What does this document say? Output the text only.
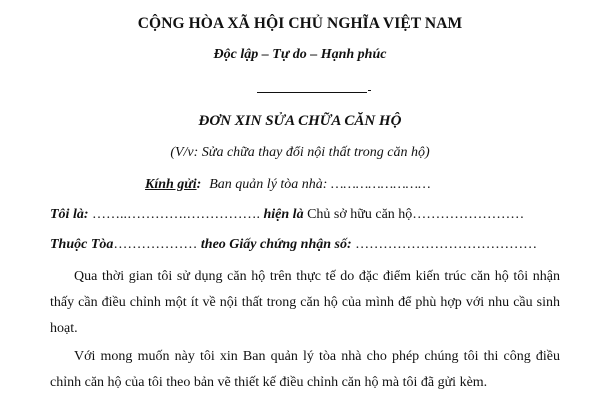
CỘNG HÒA XÃ HỘI CHỦ NGHĨA VIỆT NAM
Độc lập – Tự do – Hạnh phúc
ĐƠN XIN SỬA CHỮA CĂN HỘ
(V/v: Sửa chữa thay đổi nội thất trong căn hộ)
Kính gửi: Ban quản lý tòa nhà: ……………………
Tôi là: ……..………….……………. hiện là Chủ sở hữu căn hộ……………………
Thuộc Tòa……………… theo Giấy chứng nhận số: …………………………………
Qua thời gian tôi sử dụng căn hộ trên thực tế do đặc điểm kiến trúc căn hộ tôi nhận thấy cần điều chỉnh một ít về nội thất trong căn hộ của mình để phù hợp với nhu cầu sinh hoạt.
Với mong muốn này tôi xin Ban quản lý tòa nhà cho phép chúng tôi thi công điều chỉnh căn hộ của tôi theo bản vẽ thiết kế điều chỉnh căn hộ mà tôi đã gửi kèm.
